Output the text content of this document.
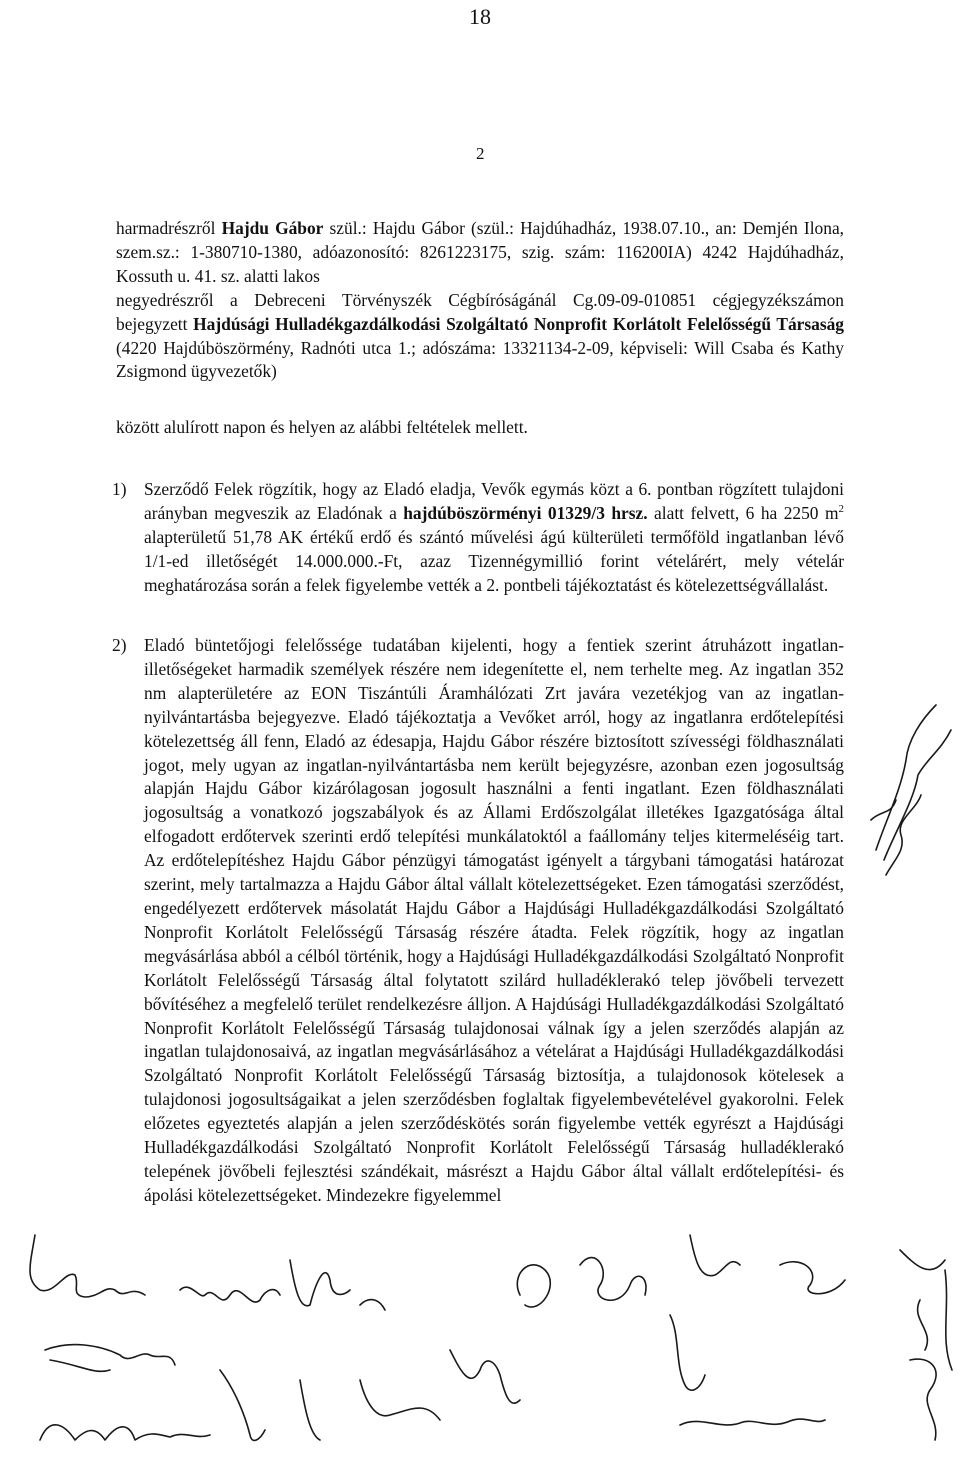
18
2
harmadrészről Hajdu Gábor szül.: Hajdu Gábor (szül.: Hajdúhadház, 1938.07.10., an: Demjén Ilona, szem.sz.: 1-380710-1380, adóazonosító: 8261223175, szig. szám: 116200IA) 4242 Hajdúhadház, Kossuth u. 41. sz. alatti lakos
negyedrészről a Debreceni Törvényszék Cégbíróságánál Cg.09-09-010851 cégjegyzékszámon bejegyzett Hajdúsági Hulladékgazdálkodási Szolgáltató Nonprofit Korlátolt Felelősségű Társaság (4220 Hajdúböszörmény, Radnóti utca 1.; adószáma: 13321134-2-09, képviseli: Will Csaba és Kathy Zsigmond ügyvezetők)
között alulírott napon és helyen az alábbi feltételek mellett.
1) Szerződő Felek rögzítik, hogy az Eladó eladja, Vevők egymás közt a 6. pontban rögzített tulajdoni arányban megveszik az Eladónak a hajdúböszörményi 01329/3 hrsz. alatt felvett, 6 ha 2250 $m^2$ alapterületű 51,78 AK értékű erdő és szántó művelési ágú külterületi termőföld ingatlanban lévő 1/1-ed illetőségét 14.000.000.-Ft, azaz Tizennégymillió forint vételárért, mely vételár meghatározása során a felek figyelembe vették a 2. pontbeli tájékoztatást és kötelezettségvállalást.
2) Eladó büntetőjogi felelőssége tudatában kijelenti, hogy a fentiek szerint átruházott ingatlan-illetőségeket harmadik személyek részére nem idegenítette el, nem terhelte meg. Az ingatlan 352 nm alapterületére az EON Tiszántúli Áramhálózati Zrt javára vezetékjog van az ingatlan-nyilvántartásba bejegyezve. Eladó tájékoztatja a Vevőket arról, hogy az ingatlanra erdőtelepítési kötelezettség áll fenn, Eladó az édesapja, Hajdu Gábor részére biztosított szívességi földhasználati jogot, mely ugyan az ingatlan-nyilvántartásba nem került bejegyzésre, azonban ezen jogosultság alapján Hajdu Gábor kizárólagosan jogosult használni a fenti ingatlant. Ezen földhasználati jogosultság a vonatkozó jogszabályok és az Állami Erdőszolgálat illetékes Igazgatósága által elfogadott erdőtervek szerinti erdő telepítési munkálatoktól a faállomány teljes kitermeléséig tart. Az erdőtelepítéshez Hajdu Gábor pénzügyi támogatást igényelt a tárgybani támogatási határozat szerint, mely tartalmazza a Hajdu Gábor által vállalt kötelezettségeket. Ezen támogatási szerződést, engedélyezett erdőtervek másolatát Hajdu Gábor a Hajdúsági Hulladékgazdálkodási Szolgáltató Nonprofit Korlátolt Felelősségű Társaság részére átadta. Felek rögzítik, hogy az ingatlan megvásárlása abból a célból történik, hogy a Hajdúsági Hulladékgazdálkodási Szolgáltató Nonprofit Korlátolt Felelősségű Társaság által folytatott szilárd hulladéklerakó telep jövőbeli tervezett bővítéséhez a megfelelő terület rendelkezésre álljon. A Hajdúsági Hulladékgazdálkodási Szolgáltató Nonprofit Korlátolt Felelősségű Társaság tulajdonosai válnak így a jelen szerződés alapján az ingatlan tulajdonosaivá, az ingatlan megvásárlásához a vételárat a Hajdúsági Hulladékgazdálkodási Szolgáltató Nonprofit Korlátolt Felelősségű Társaság biztosítja, a tulajdonosok kötelesek a tulajdonosi jogosultságaikat a jelen szerződésben foglaltak figyelembevételével gyakorolni. Felek előzetes egyeztetés alapján a jelen szerződéskötés során figyelembe vették egyrészt a Hajdúsági Hulladékgazdálkodási Szolgáltató Nonprofit Korlátolt Felelősségű Társaság hulladéklerakó telepének jövőbeli fejlesztési szándékait, másrészt a Hajdu Gábor által vállalt erdőtelepítési- és ápolási kötelezettségeket. Mindezekre figyelemmel
